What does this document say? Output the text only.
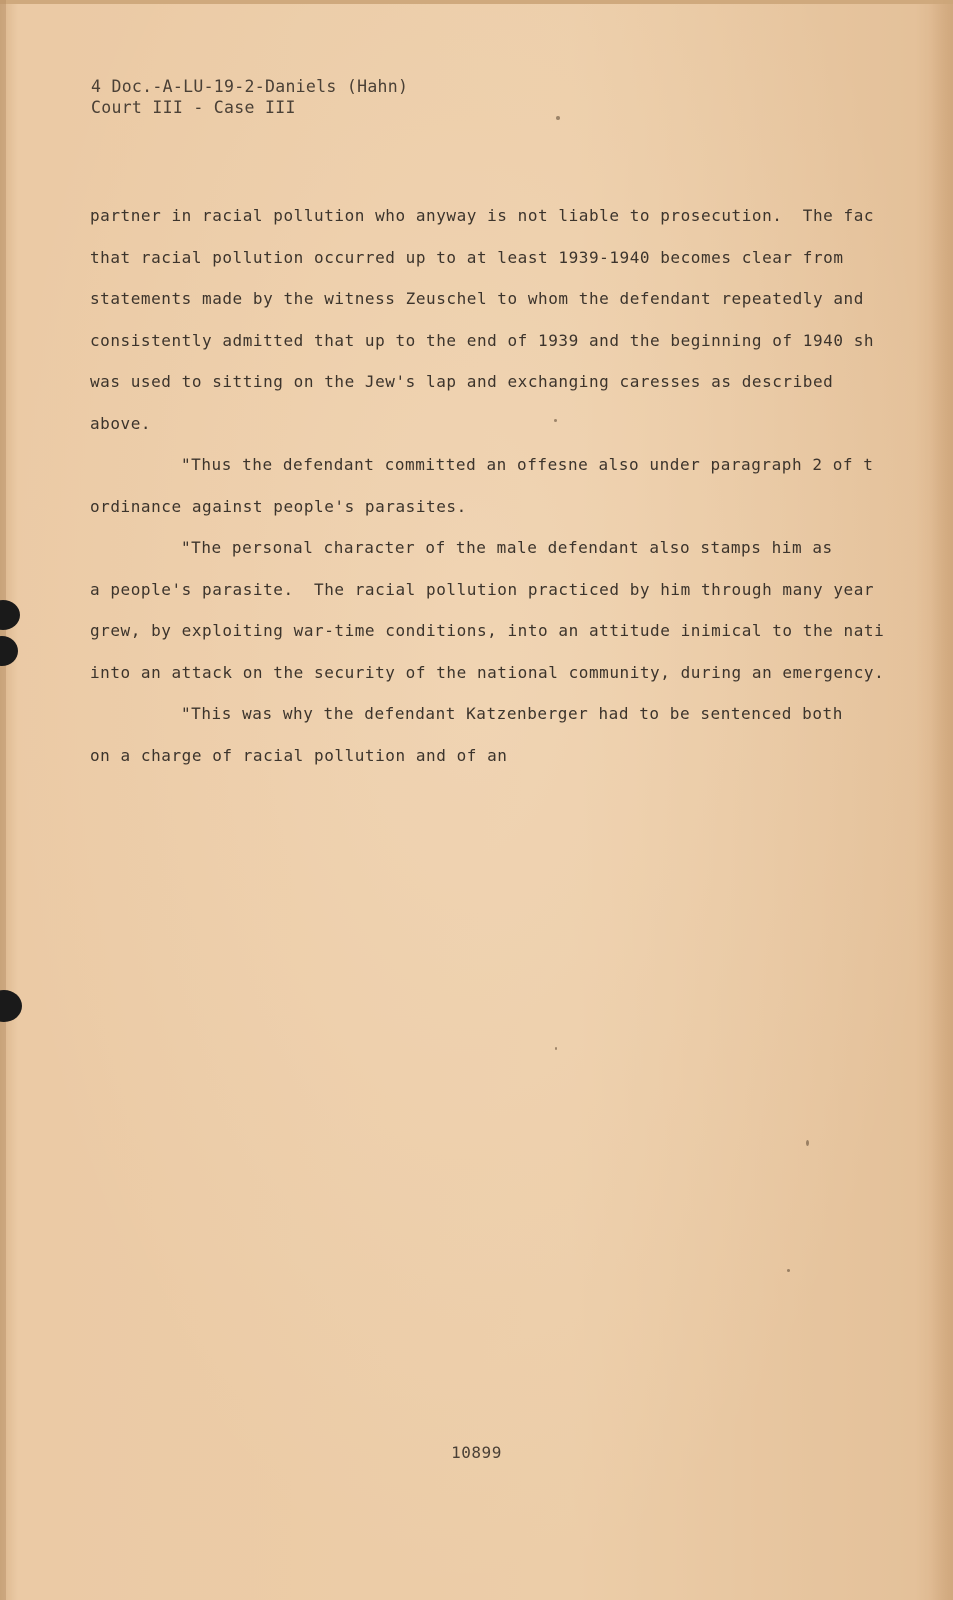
4 Doc.-A-LU-19-2-Daniels (Hahn)
Court III - Case III
partner in racial pollution who anyway is not liable to prosecution.  The fac
that racial pollution occurred up to at least 1939-1940 becomes clear from
statements made by the witness Zeuschel to whom the defendant repeatedly and
consistently admitted that up to the end of 1939 and the beginning of 1940 sh
was used to sitting on the Jew's lap and exchanging caresses as described
above.
"Thus the defendant committed an offesne also under paragraph 2 of t
ordinance against people's parasites.
"The personal character of the male defendant also stamps him as
a people's parasite.  The racial pollution practiced by him through many year
grew, by exploiting war-time conditions, into an attitude inimical to the nati
into an attack on the security of the national community, during an emergency.
"This was why the defendant Katzenberger had to be sentenced both
on a charge of racial pollution and of an
10899
